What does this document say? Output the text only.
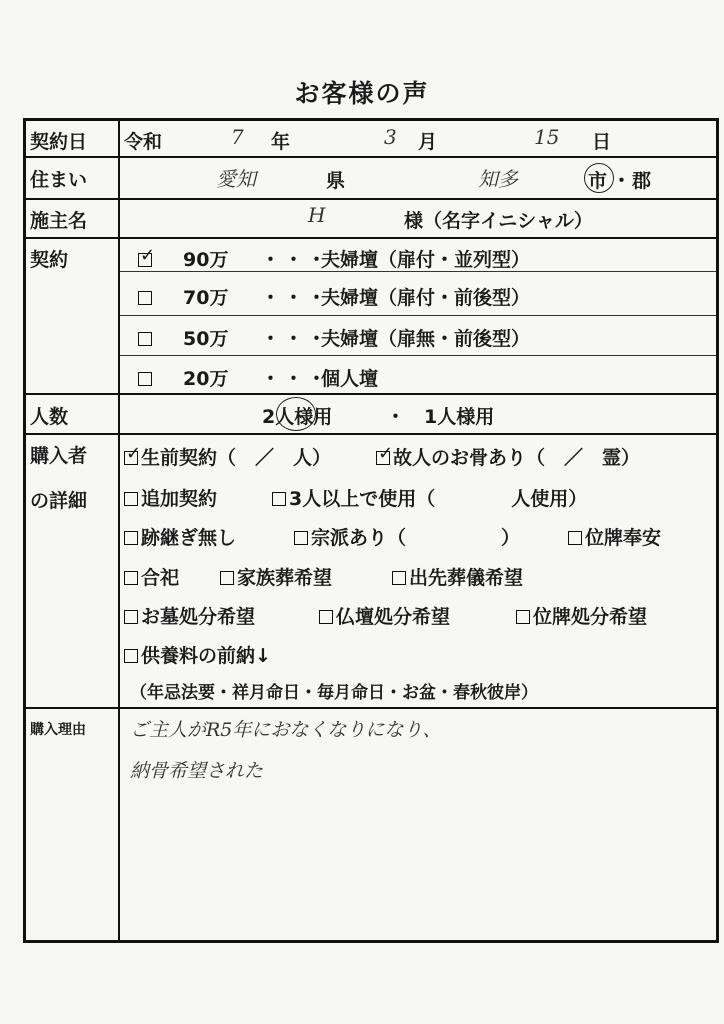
お客様の声
契約日 令和	7 年	3 月	15 日
住まい	愛知	県	知多	市 ・ 郡
施主名	H	様（名字イニシャル）
契約 ✓	90万 ・・・夫婦壇（扉付・並列型）
70万 ・・・夫婦壇（扉付・前後型）
50万 ・・・夫婦壇（扉無・前後型）
20万 ・・・個人壇
人数	2人様用	・ 1人様用
購入者
の詳細
✓生前契約（　／　人） ✓	故人のお骨あり（　／　霊）
追加契約	3人以上で使用（　　　　人使用）
跡継ぎ無し	宗派あり（　　　　　）	位牌奉安
合祀	家族葬希望	出先葬儀希望
お墓処分希望	仏壇処分希望	位牌処分希望
供養料の前納↓
（年忌法要・祥月命日・毎月命日・お盆・春秋彼岸）
購入理由 ご主人がR5年におなくなりになり、
納骨希望された
